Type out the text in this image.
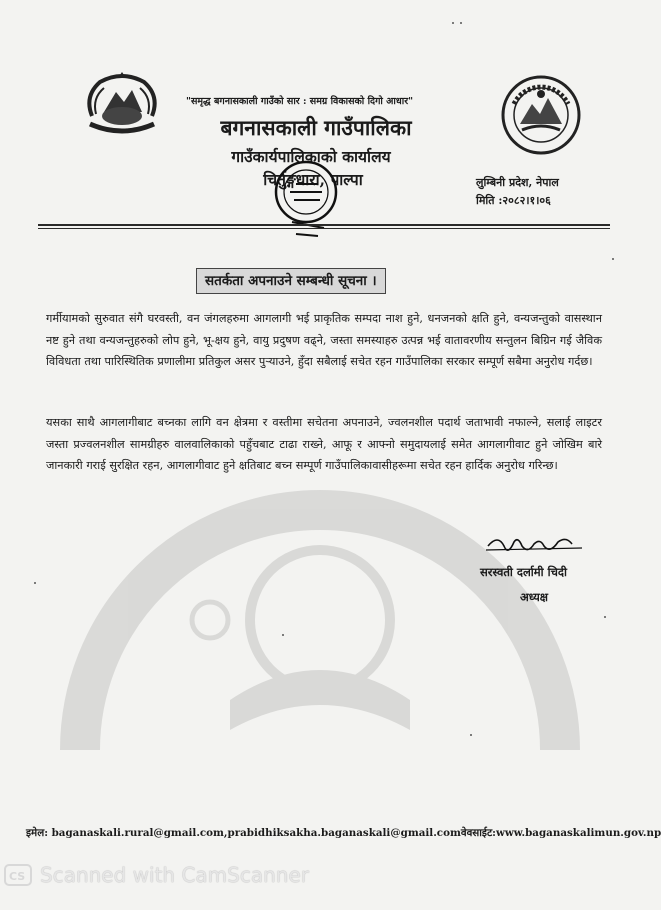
"समृद्ध बगनासकाली गाउँको सार : समग्र विकासको दिगो आधार"
बगनासकाली गाउँपालिका
गाउँकार्यपालिकाको कार्यालय
चिर्तुङ्गधारा, पाल्पा	लुम्बिनी प्रदेश, नेपाल
मिति :२०८२।१।०६
सतर्कता अपनाउने सम्बन्धी सूचना ।
गर्मीयामको सुरुवात संगै घरवस्ती, वन जंगलहरुमा आगलागी भई प्राकृतिक सम्पदा नाश हुने, धनजनको क्षति हुने, वन्यजन्तुको वासस्थान नष्ट हुने तथा वन्यजन्तुहरुको लोप हुने, भू-क्षय हुने, वायु प्रदुषण वढ्ने, जस्ता समस्याहरु उत्पन्न भई वातावरणीय सन्तुलन बिग्रिन गई जैविक विविधता तथा पारिस्थितिक प्रणालीमा प्रतिकुल असर पुऱ्याउने, हुँदा सबैलाई सचेत रहन गाउँपालिका सरकार सम्पूर्ण सबैमा अनुरोध गर्दछ।
यसका साथै आगलागीबाट बच्नका लागि वन क्षेत्रमा र वस्तीमा सचेतना अपनाउने, ज्वलनशील पदार्थ जताभावी नफाल्ने, सलाई लाइटर जस्ता प्रज्वलनशील सामग्रीहरु वालवालिकाको पहुँचबाट टाढा राख्ने, आफू र आफ्नो समुदायलाई समेत आगलागीवाट हुने जोखिम बारे जानकारी गराई सुरक्षित रहन, आगलागीवाट हुने क्षतिबाट बच्न सम्पूर्ण गाउँपालिकावासीहरूमा सचेत रहन हार्दिक अनुरोध गरिन्छ।
सरस्वती दर्लामी चिदी
अध्यक्ष
इमेल: baganaskali.rural@gmail.com,prabidhiksakha.baganaskali@gmail.comवेवसाईट:www.baganaskalimun.gov.np
CS Scanned with CamScanner
